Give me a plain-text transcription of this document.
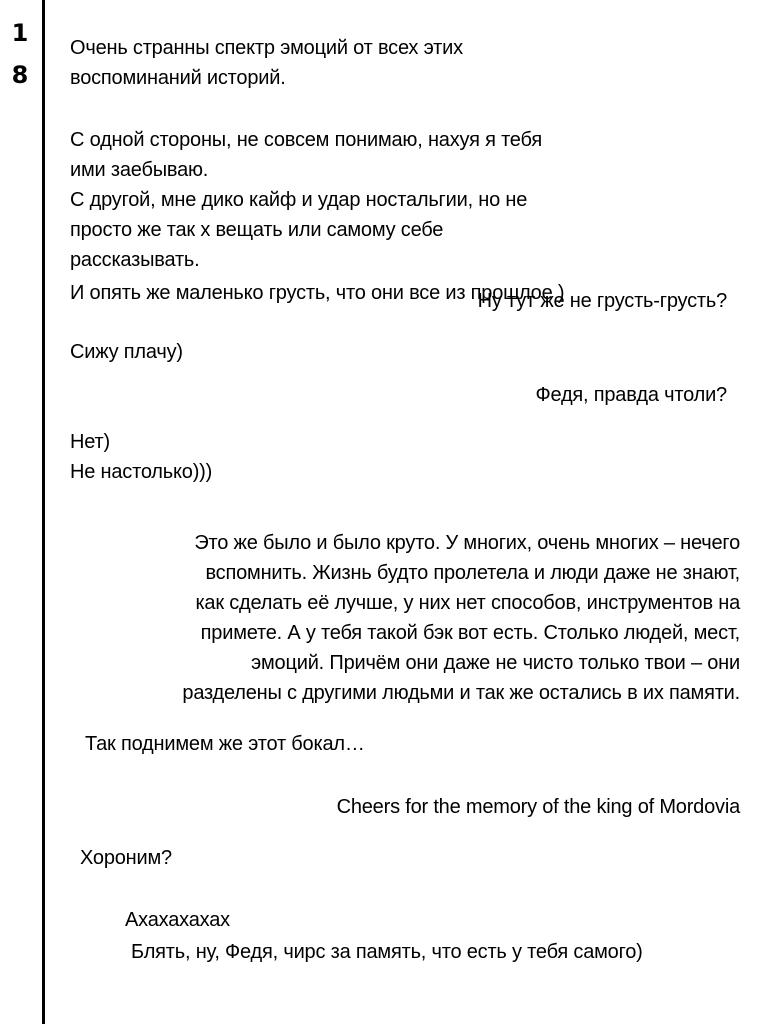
1
8
Очень странны спектр эмоций от всех этих
воспоминаний историй.
С одной стороны, не совсем понимаю, нахуя я тебя
ими заебываю.
С другой, мне дико кайф и удар ностальгии, но не
просто же так х вещать или самому себе
рассказывать.
И опять же маленько грусть, что они все из прошлое )
Ну тут же не грусть-грусть?
Сижу плачу)
Федя, правда чтоли?
Нет)
Не настолько)))
Это же было и было круто. У многих, очень многих – нечего
вспомнить. Жизнь будто пролетела и люди даже не знают,
как сделать её лучше, у них нет способов, инструментов на
примете. А у тебя такой бэк вот есть. Столько людей, мест,
эмоций. Причём они даже не чисто только твои – они
разделены с другими людьми и так же остались в их памяти.
Так поднимем же этот бокал…
Cheers for the memory of the king of Mordovia
Хороним?
Ахахахахах
Блять, ну, Федя, чирс за память, что есть у тебя самого)
